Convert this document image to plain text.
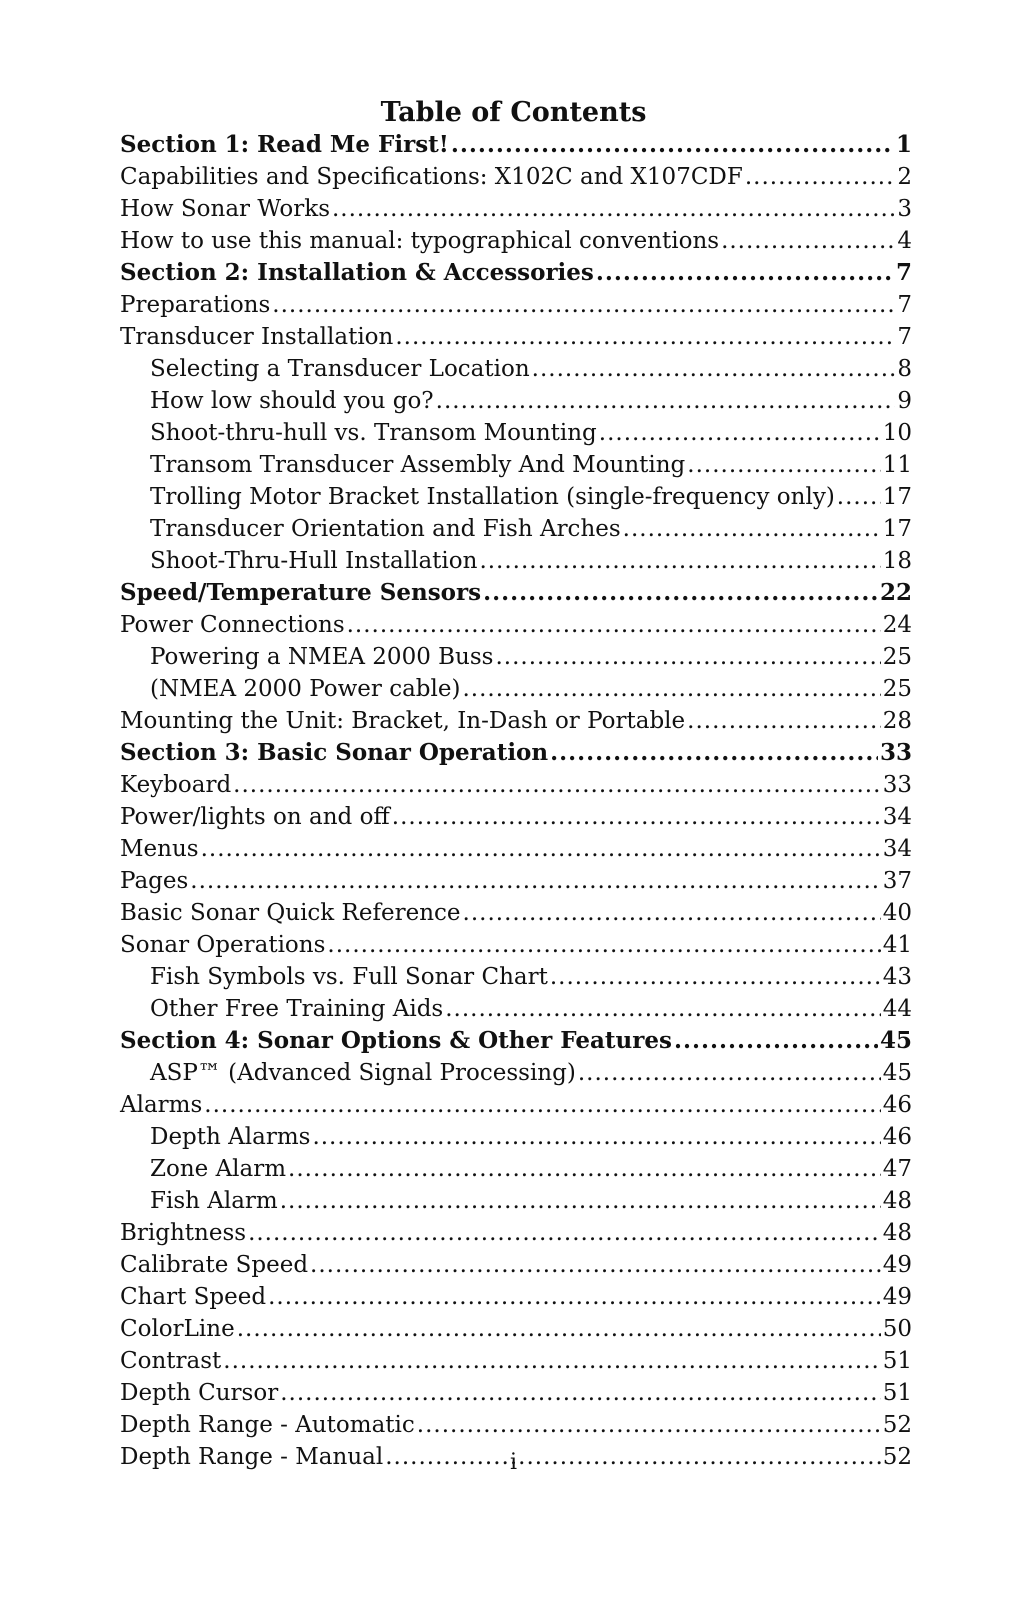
Table of Contents
Section 1: Read Me First! .....	1
Capabilities and Specifications: X102C and X107CDF .....	2
How Sonar Works .....	3
How to use this manual: typographical conventions .....	4
Section 2: Installation & Accessories .....	7
Preparations .....	7
Transducer Installation .....	7
Selecting a Transducer Location .....	8
How low should you go? .....	9
Shoot-thru-hull vs. Transom Mounting .....	10
Transom Transducer Assembly And Mounting .....	11
Trolling Motor Bracket Installation (single-frequency only) ..... 17
Transducer Orientation and Fish Arches .....	17
Shoot-Thru-Hull Installation .....	18
Speed/Temperature Sensors .....	22
Power Connections .....	24
Powering a NMEA 2000 Buss .....	25
(NMEA 2000 Power cable) .....	25
Mounting the Unit: Bracket, In-Dash or Portable .....	28
Section 3: Basic Sonar Operation .....	33
Keyboard .....	33
Power/lights on and off .....	34
Menus .....	34
Pages .....	37
Basic Sonar Quick Reference .....	40
Sonar Operations .....	41
Fish Symbols vs. Full Sonar Chart .....	43
Other Free Training Aids .....	44
Section 4: Sonar Options & Other Features .....	45
ASP™ (Advanced Signal Processing) .....	45
Alarms .....	46
Depth Alarms .....	46
Zone Alarm .....	47
Fish Alarm .....	48
Brightness .....	48
Calibrate Speed .....	49
Chart Speed .....	49
ColorLine .....	50
Contrast .....	51
Depth Cursor .....	51
Depth Range - Automatic .....	52
Depth Range - Manual .....	52
i
